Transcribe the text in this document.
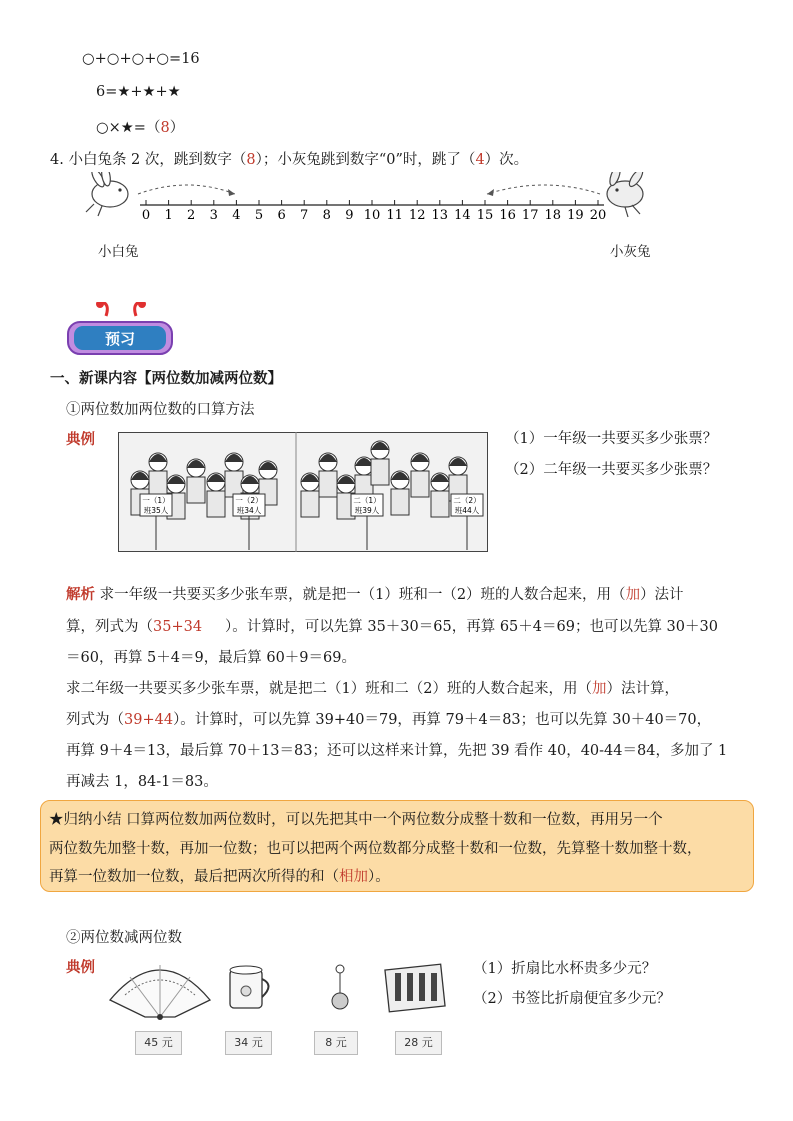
○+○+○+○=16
6=★+★+★
○×★=（8）
4. 小白兔条 2 次，跳到数字（8）；小灰兔跳到数字“0”时，跳了（4）次。
0 1 2 3 4 5 6 7 8 9 10 11 12 13 14 15 16 17 18 19 20
小白兔	小灰兔
预习
一、新课内容【两位数加减两位数】
①两位数加两位数的口算方法
典例
一（1）
班35人
一（2）
班34人
二（1）
班39人
二（2）
班44人
（1）一年级一共要买多少张票？
（2）二年级一共要买多少张票？
解析 求一年级一共要买多少张车票，就是把一（1）班和一（2）班的人数合起来，用（加）法计
算，列式为（35+34 ）。计算时，可以先算 35＋30＝65，再算 65＋4＝69；也可以先算 30＋30
＝60，再算 5＋4＝9，最后算 60＋9＝69。
求二年级一共要买多少张车票，就是把二（1）班和二（2）班的人数合起来，用（加）法计算，
列式为（39+44）。计算时，可以先算 39+40＝79，再算 79＋4＝83；也可以先算 30＋40＝70，
再算 9＋4＝13，最后算 70＋13＝83；还可以这样来计算，先把 39 看作 40，40-44＝84，多加了 1
再减去 1，84-1＝83。
★归纳小结 口算两位数加两位数时，可以先把其中一个两位数分成整十数和一位数，再用另一个
两位数先加整十数，再加一位数；也可以把两个两位数都分成整十数和一位数，先算整十数加整十数，
再算一位数加一位数，最后把两次所得的和（相加）。
②两位数减两位数
典例
45 元	34 元	8 元	28 元
（1）折扇比水杯贵多少元？
（2）书签比折扇便宜多少元？
